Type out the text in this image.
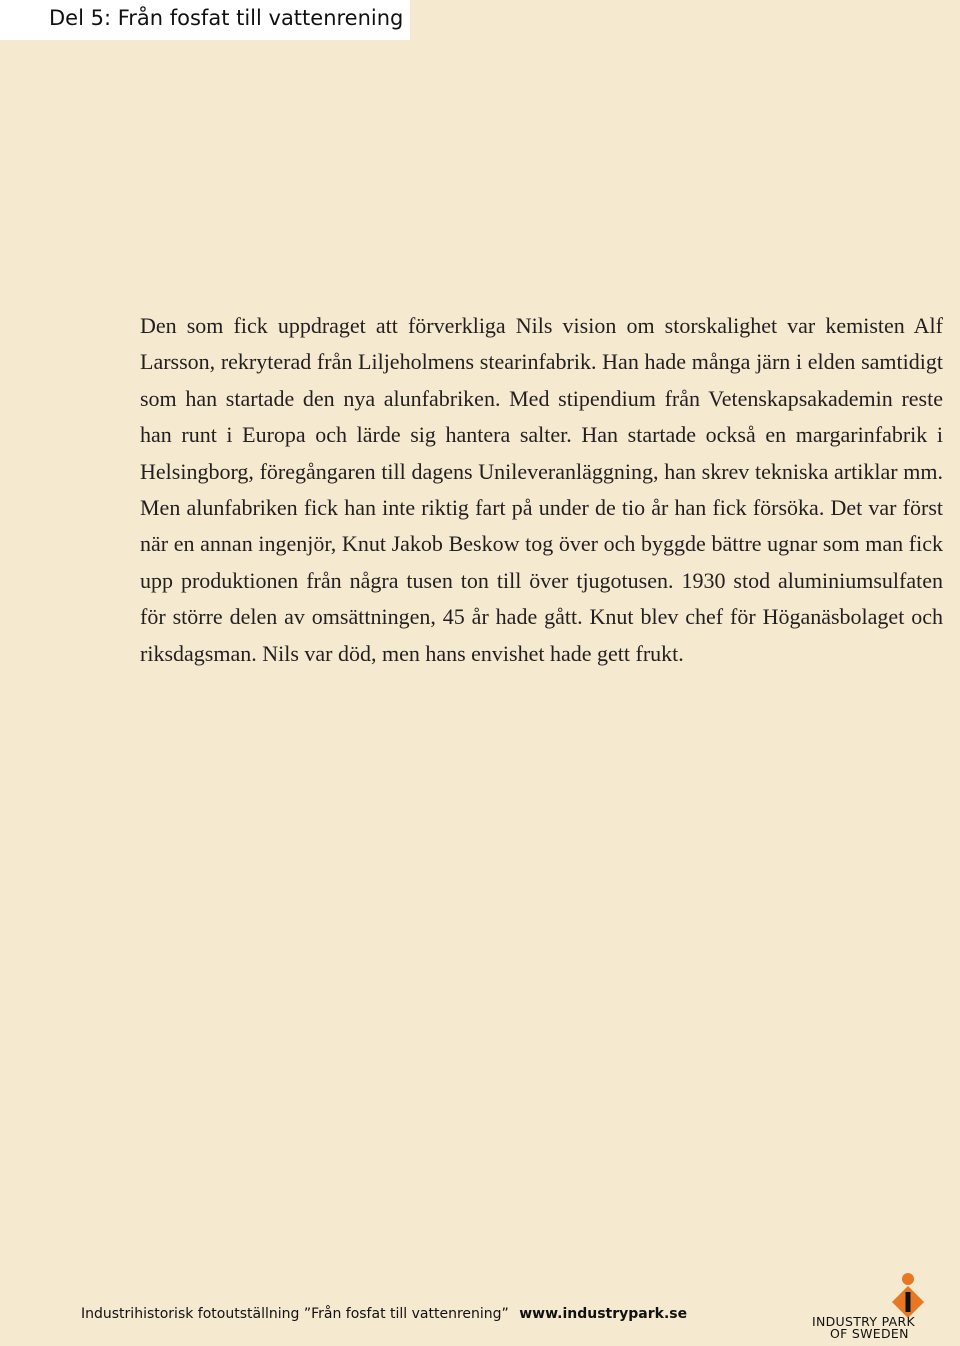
Del 5: Från fosfat till vattenrening

Den som fick uppdraget att förverkliga Nils vision om storskalighet var kemisten Alf Larsson, rekryterad från Liljeholmens stearinfabrik. Han hade många järn i elden samtidigt som han startade den nya alunfabriken. Med stipendium från Vetenskapsakademin reste han runt i Europa och lärde sig hantera salter. Han startade också en margarinfabrik i Helsingborg, föregångaren till dagens Unileveranläggning, han skrev tekniska artiklar mm. Men alunfabriken fick han inte riktig fart på under de tio år han fick försöka. Det var först när en annan ingenjör, Knut Jakob Beskow tog över och byggde bättre ugnar som man fick upp produktionen från några tusen ton till över tjugotusen. 1930 stod aluminiumsulfaten för större delen av omsättningen, 45 år hade gått. Knut blev chef för Höganäsbolaget och riksdagsman. Nils var död, men hans envishet hade gett frukt.

Industrihistorisk fotoutställning ”Från fosfat till vattenrening” www.industrypark.se	INDUSTRY PARK
OF SWEDEN
